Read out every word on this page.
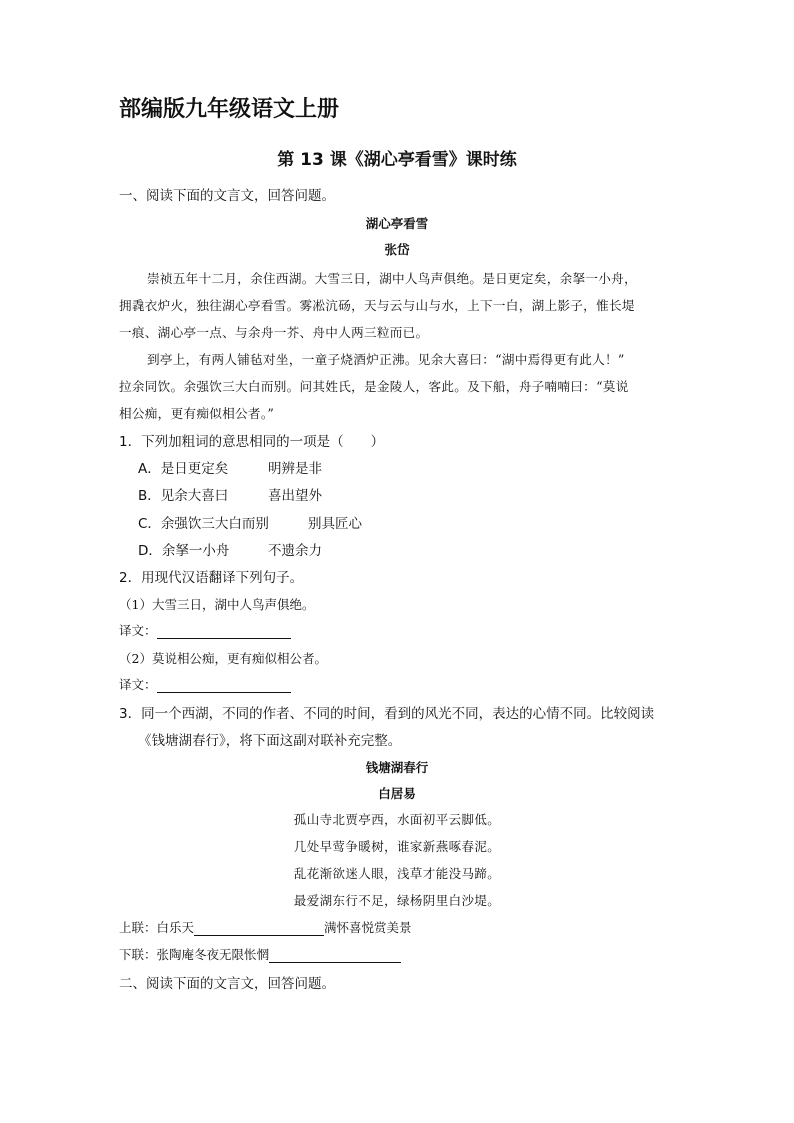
部编版九年级语文上册
第 13 课《湖心亭看雪》课时练
一、阅读下面的文言文，回答问题。
湖心亭看雪
张岱
崇祯五年十二月，余住西湖。大雪三日，湖中人鸟声俱绝。是日更定矣，余拏一小舟，
拥毳衣炉火，独往湖心亭看雪。雾凇沆砀，天与云与山与水，上下一白，湖上影子，惟长堤
一痕、湖心亭一点、与余舟一芥、舟中人两三粒而已。
到亭上，有两人铺毡对坐，一童子烧酒炉正沸。见余大喜曰：“湖中焉得更有此人！”
拉余同饮。余强饮三大白而别。问其姓氏，是金陵人，客此。及下船，舟子喃喃曰：“莫说
相公痴，更有痴似相公者。”
1．下列加粗词的意思相同的一项是（　　）
A．是日更定矣	明辨是非
B．见余大喜曰	喜出望外
C．余强饮三大白而别	别具匠心
D．余拏一小舟	不遗余力
2．用现代汉语翻译下列句子。
（1）大雪三日，湖中人鸟声俱绝。
译文：
（2）莫说相公痴，更有痴似相公者。
译文：
3．同一个西湖，不同的作者、不同的时间，看到的风光不同，表达的心情不同。比较阅读
《钱塘湖春行》，将下面这副对联补充完整。
钱塘湖春行
白居易
孤山寺北贾亭西，水面初平云脚低。
几处早莺争暖树，谁家新燕啄春泥。
乱花渐欲迷人眼，浅草才能没马蹄。
最爱湖东行不足，绿杨阴里白沙堤。
上联：白乐天	满怀喜悦赏美景
下联：张陶庵冬夜无限怅惘
二、阅读下面的文言文，回答问题。
